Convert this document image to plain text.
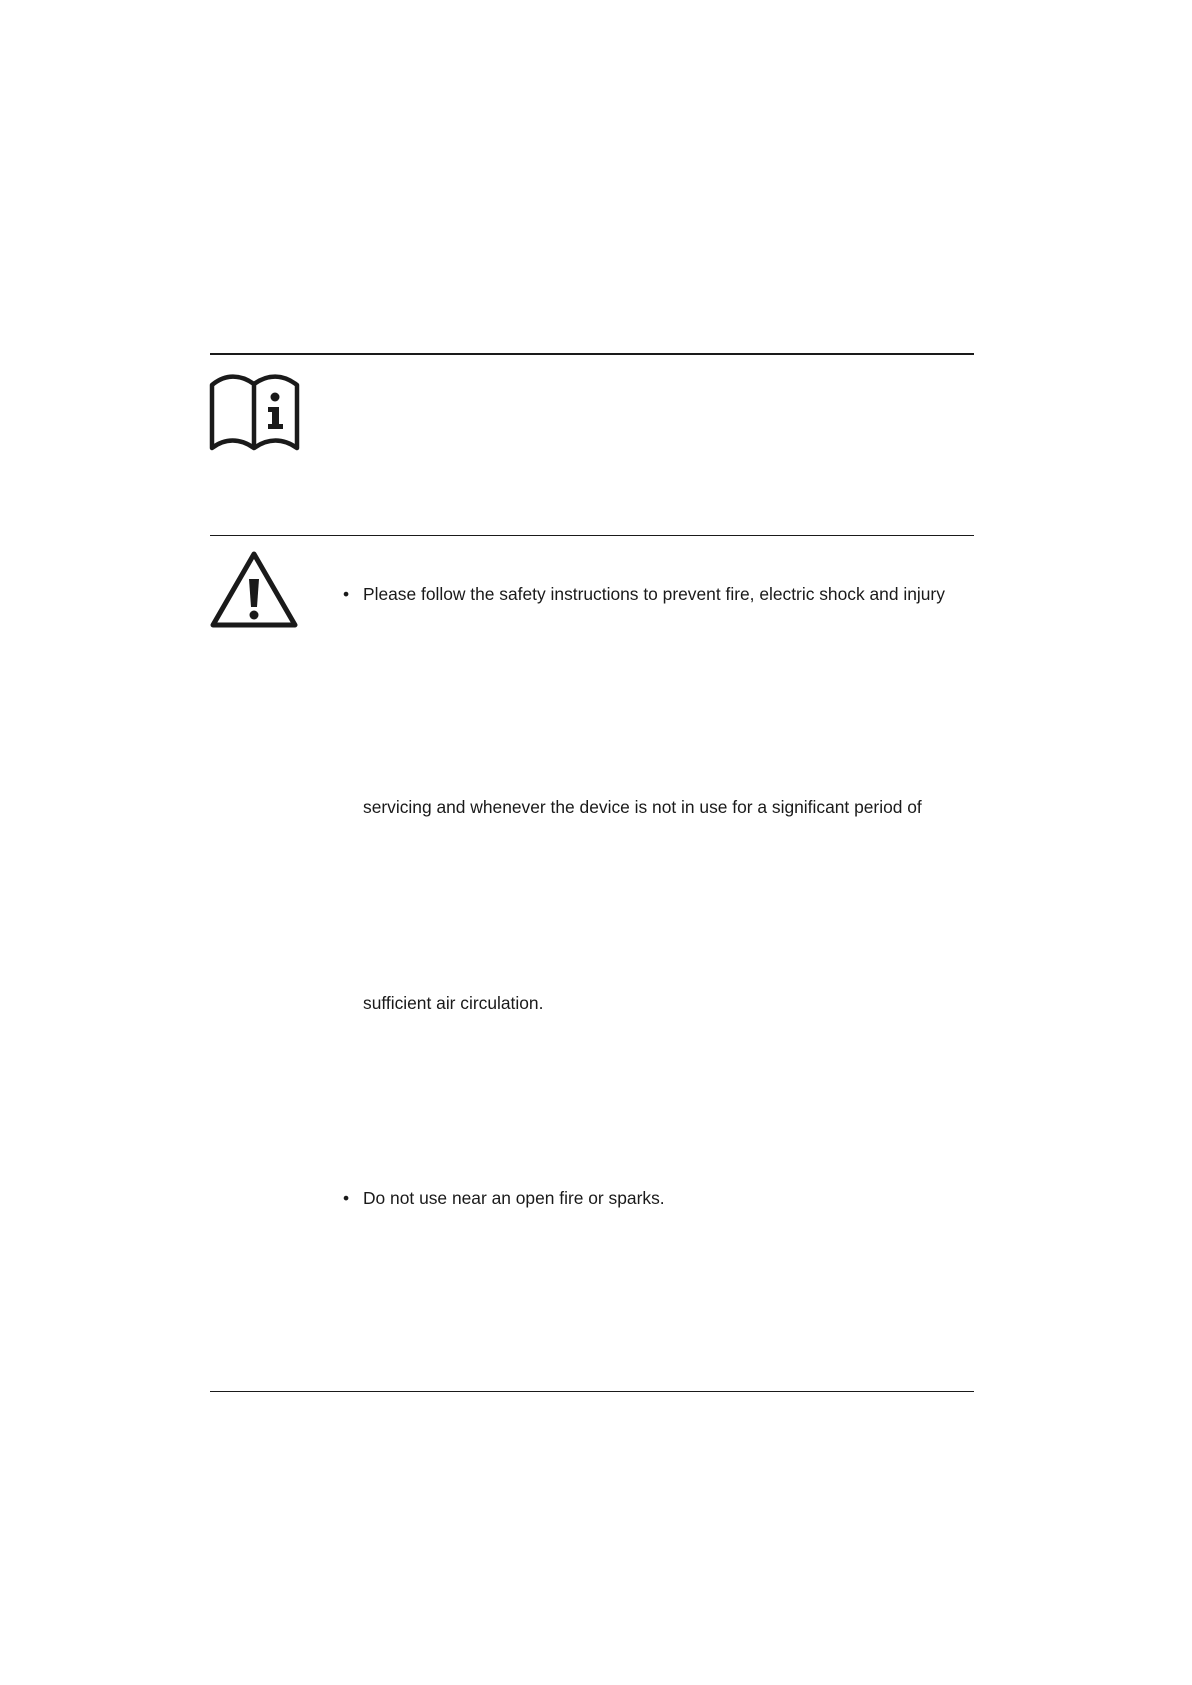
• Please follow the safety instructions to prevent fire, electric shock and injury
servicing and whenever the device is not in use for a significant period of
sufficient air circulation.
• Do not use near an open fire or sparks.
